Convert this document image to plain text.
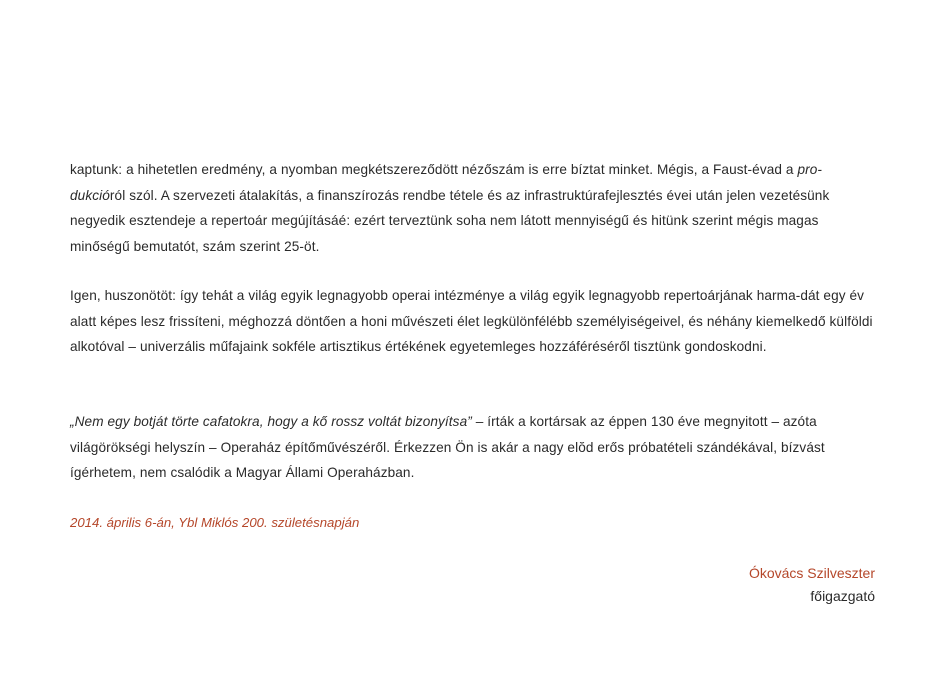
kaptunk: a hihetetlen eredmény, a nyomban megkétszereződött nézőszám is erre bíztat minket. Mégis, a Faust-évad a pro-
dukcióról szól. A szervezeti átalakítás, a finanszírozás rendbe tétele és az infrastruktúrafejlesztés évei után jelen vezetésünk negyedik esztendeje a repertoár megújításáé: ezért terveztünk soha nem látott mennyiségű és hitünk szerint mégis magas minőségű bemutatót, szám szerint 25-öt.

Igen, huszonötöt: így tehát a világ egyik legnagyobb operai intézménye a világ egyik legnagyobb repertoárjának harma-dát egy év alatt képes lesz frissíteni, méghozzá döntően a honi művészeti élet legkülönfélébb személyiségeivel, és néhány kiemelkedő külföldi alkotóval – univerzális műfajaink sokféle artisztikus értékének egyetemleges hozzáféréséről tisztünk gondoskodni.

„Nem egy botját törte cafatokra, hogy a kő rossz voltát bizonyítsa” – írták a kortársak az éppen 130 éve megnyitott – azóta világörökségi helyszín – Operaház építőművészéről. Érkezzen Ön is akár a nagy elŏd erős próbatételi szándékával, bízvást ígérhetem, nem csalódik a Magyar Állami Operaházban.

2014. április 6-án, Ybl Miklós 200. születésnapján

Ókovács Szilveszter
főigazgató
